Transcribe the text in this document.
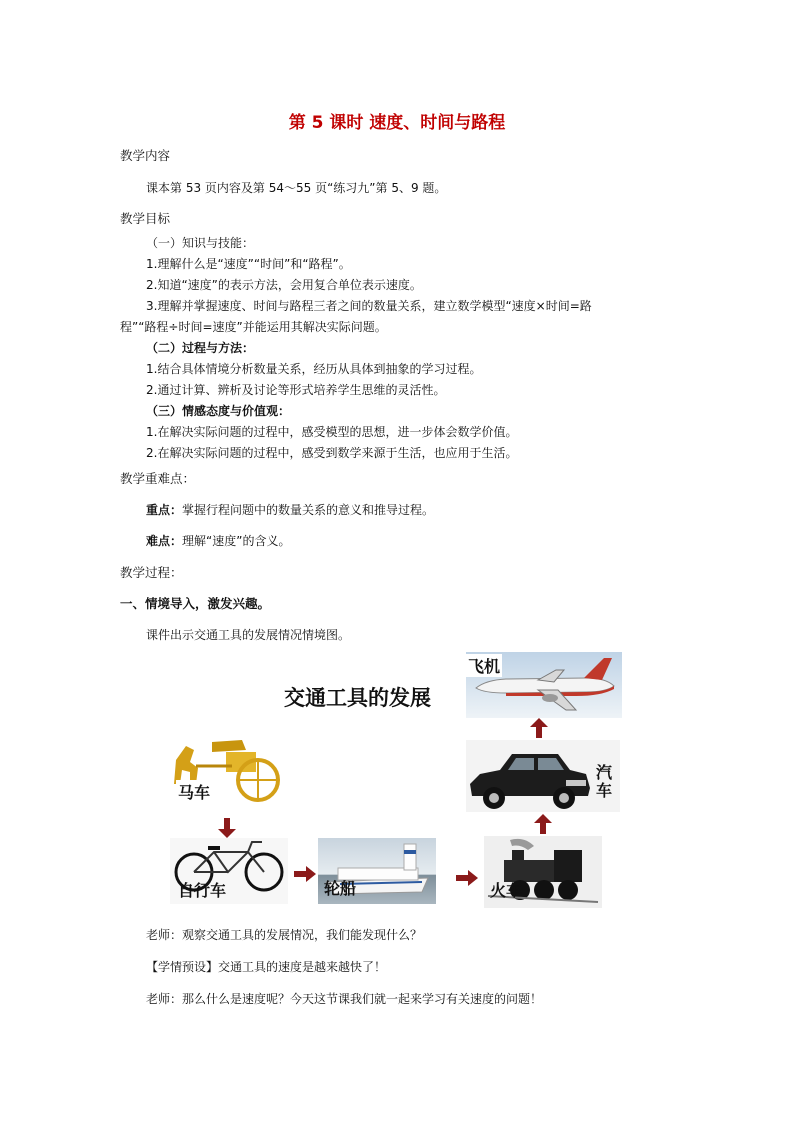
第 5 课时 速度、时间与路程
教学内容
课本第 53 页内容及第 54～55 页“练习九”第 5、9 题。
教学目标
（一）知识与技能：
1.理解什么是“速度”“时间”和“路程”。
2.知道“速度”的表示方法，会用复合单位表示速度。
3.理解并掌握速度、时间与路程三者之间的数量关系，建立数学模型“速度×时间=路
程”“路程÷时间=速度”并能运用其解决实际问题。
（二）过程与方法：
1.结合具体情境分析数量关系，经历从具体到抽象的学习过程。
2.通过计算、辨析及讨论等形式培养学生思维的灵活性。
（三）情感态度与价值观：
1.在解决实际问题的过程中，感受模型的思想，进一步体会数学价值。
2.在解决实际问题的过程中，感受到数学来源于生活，也应用于生活。
教学重难点：
重点：掌握行程问题中的数量关系的意义和推导过程。
难点：理解“速度”的含义。
教学过程：
一、情境导入，激发兴趣。
课件出示交通工具的发展情况情境图。
交通工具的发展
飞机
汽
车
马车
自行车	轮船	火车
老师：观察交通工具的发展情况，我们能发现什么？
【学情预设】交通工具的速度是越来越快了！
老师：那么什么是速度呢？今天这节课我们就一起来学习有关速度的问题！
